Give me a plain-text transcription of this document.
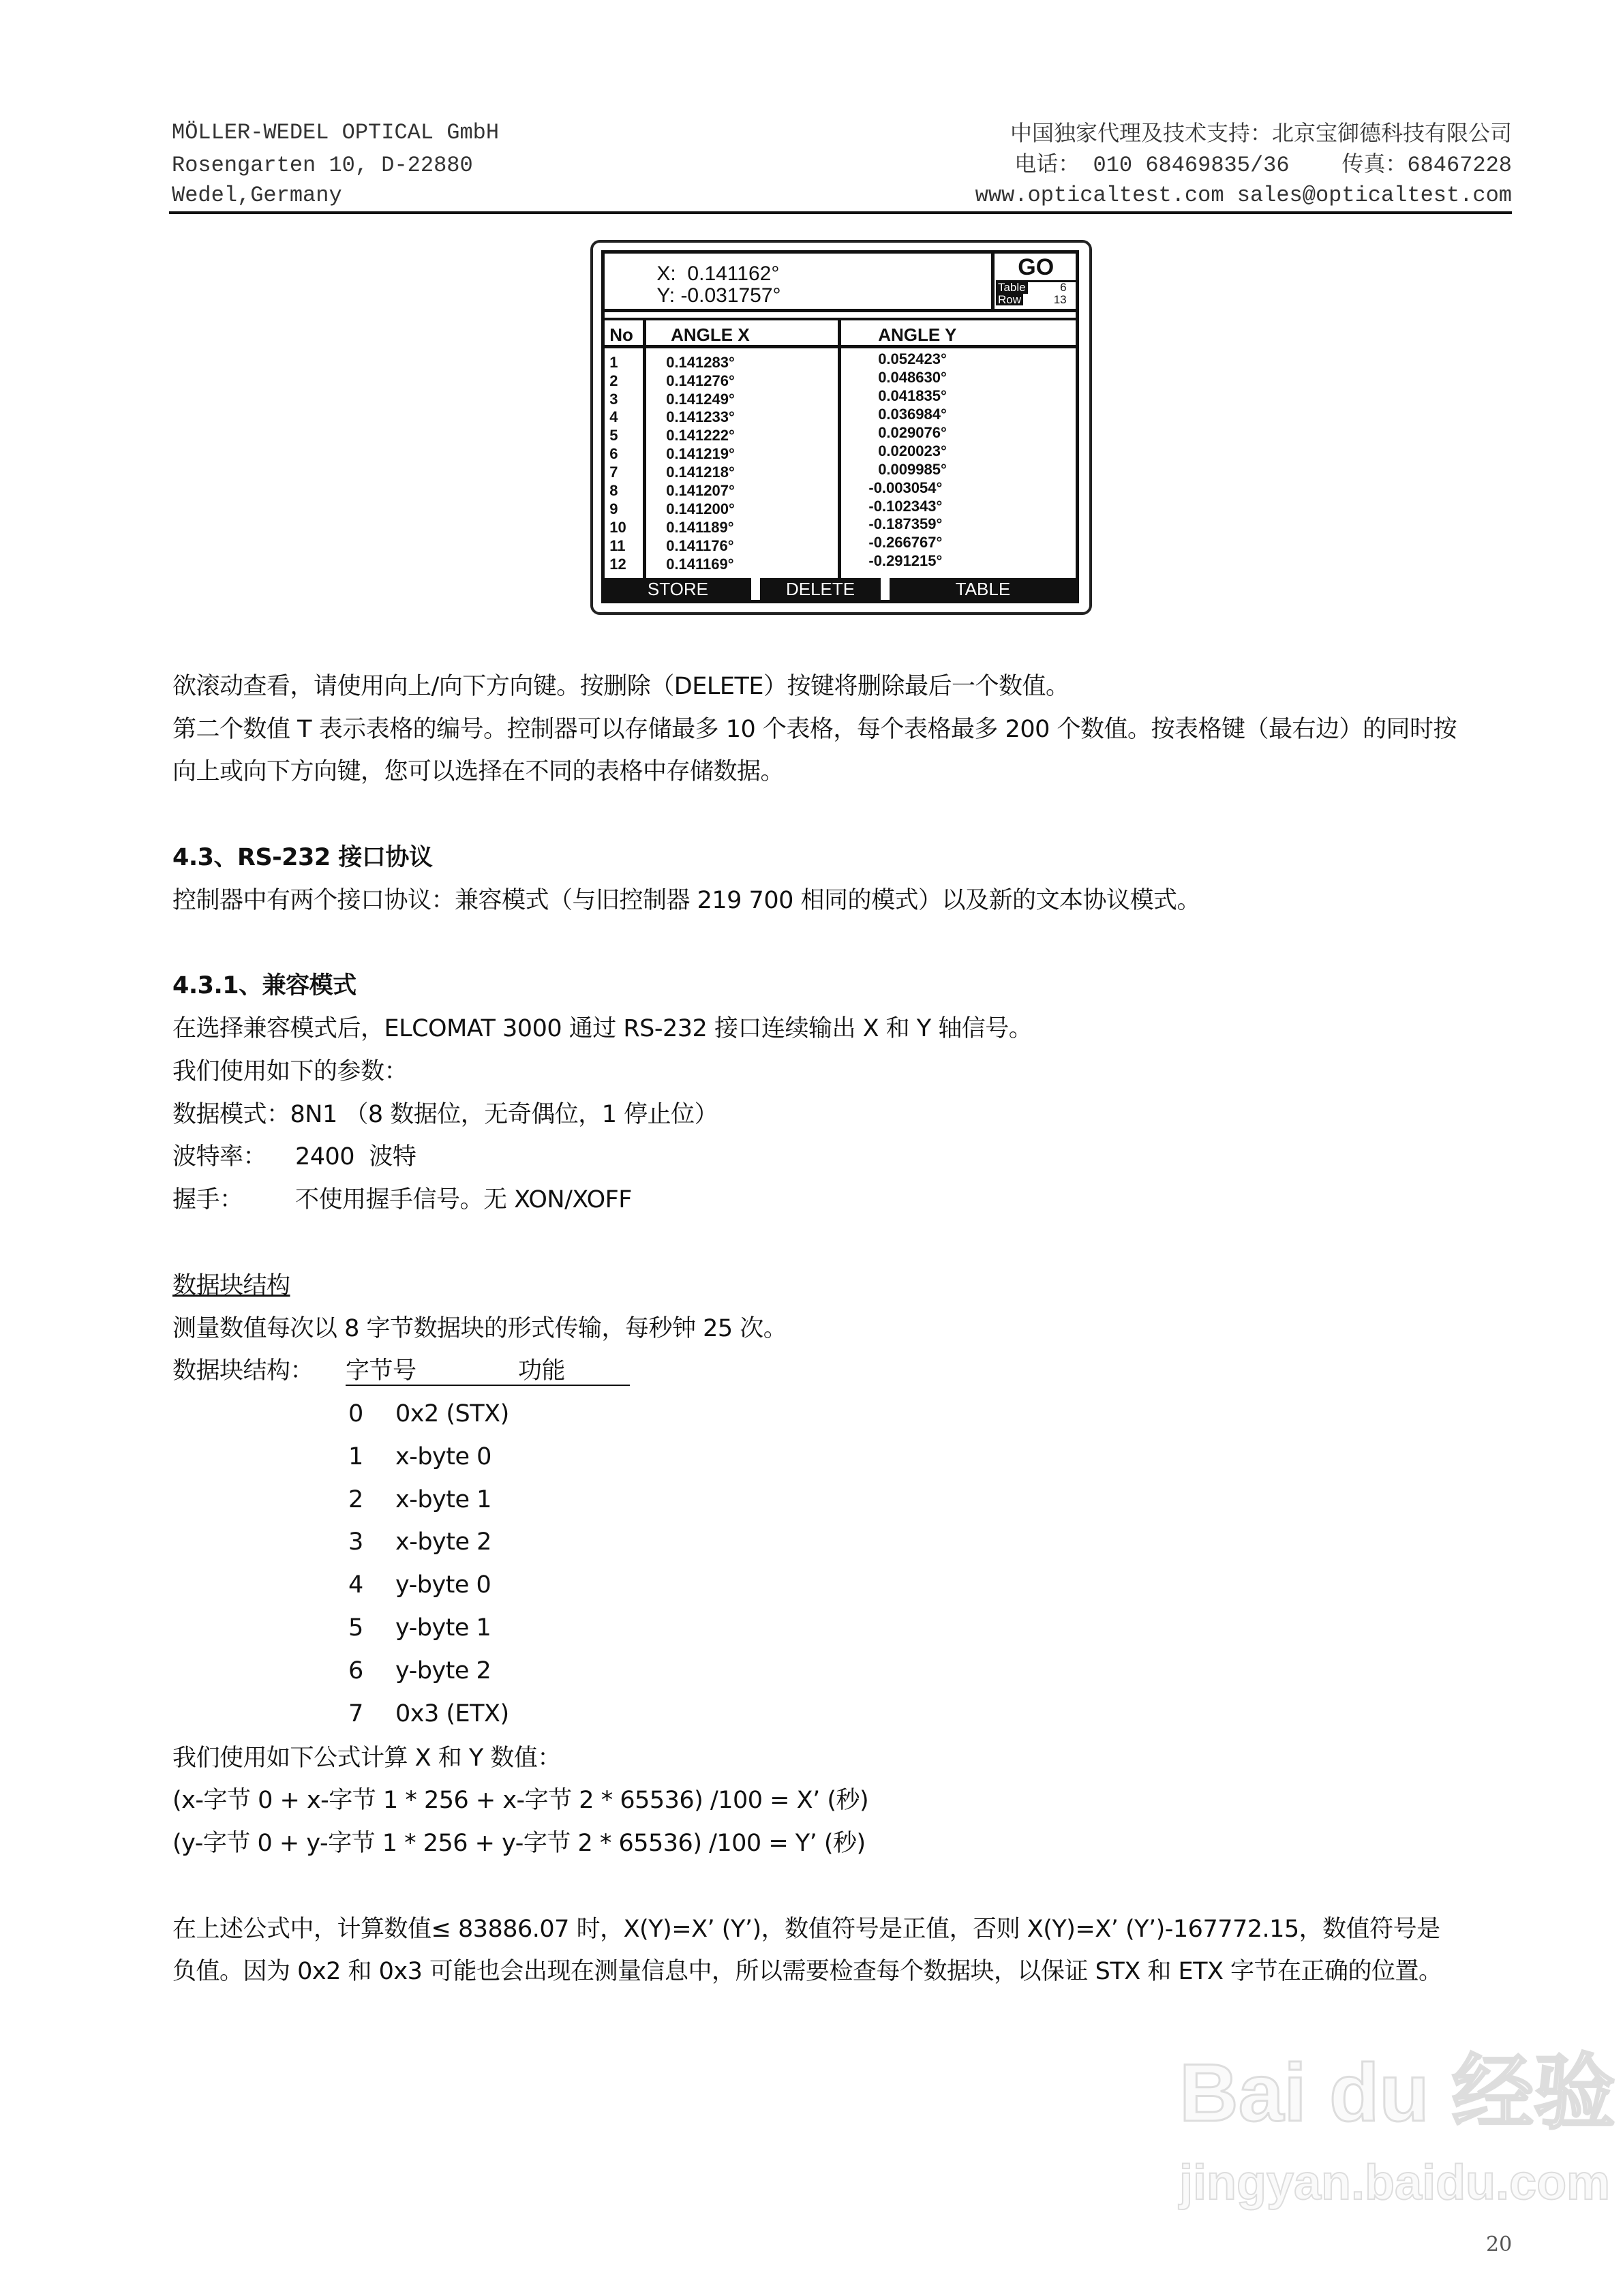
MÖLLER-WEDEL OPTICAL GmbH
Rosengarten 10, D-22880
Wedel,Germany
中国独家代理及技术支持：北京宝御德科技有限公司
电话： 010 68469835/36    传真：68467228
www.opticaltest.com sales@opticaltest.com
X: 0.141162°
Y: -0.031757°
GO
Table	6
Row	13
No ANGLE X	ANGLE Y
1	0.141283°	0.052423°
2	0.141276°	0.048630°
3	0.141249°	0.041835°
4	0.141233°	0.036984°
5	0.141222°	0.029076°
6	0.141219°	0.020023°
7	0.141218°	0.009985°
8	0.141207°	-0.003054°
9	0.141200°	-0.102343°
10	0.141189°	-0.187359°
11	0.141176°	-0.266767°
12	0.141169°	-0.291215°
STORE	DELETE	TABLE
欲滚动查看，请使用向上/向下方向键。按删除（DELETE）按键将删除最后一个数值。
第二个数值 T 表示表格的编号。控制器可以存储最多 10 个表格，每个表格最多 200 个数值。按表格键（最右边）的同时按
向上或向下方向键，您可以选择在不同的表格中存储数据。
4.3、RS-232 接口协议
控制器中有两个接口协议：兼容模式（与旧控制器 219 700 相同的模式）以及新的文本协议模式。
4.3.1、兼容模式
在选择兼容模式后，ELCOMAT 3000 通过 RS-232 接口连续输出 X 和 Y 轴信号。
我们使用如下的参数：
数据模式：8N1 （8 数据位，无奇偶位，1 停止位）
波特率： 2400  波特
握手： 不使用握手信号。无 XON/XOFF
数据块结构
测量数值每次以 8 字节数据块的形式传输，每秒钟 25 次。
数据块结构： 字节号	功能
0 0x2 (STX)
1 x-byte 0
2 x-byte 1
3 x-byte 2
4 y-byte 0
5 y-byte 1
6 y-byte 2
7 0x3 (ETX)
我们使用如下公式计算 X 和 Y 数值：
(x-字节 0 + x-字节 1 * 256 + x-字节 2 * 65536) /100 = X’ (秒)
(y-字节 0 + y-字节 1 * 256 + y-字节 2 * 65536) /100 = Y’ (秒)
在上述公式中，计算数值≤ 83886.07 时，X(Y)=X’ (Y’)，数值符号是正值，否则 X(Y)=X’ (Y’)-167772.15，数值符号是
负值。因为 0x2 和 0x3 可能也会出现在测量信息中，所以需要检查每个数据块，以保证 STX 和 ETX 字节在正确的位置。
Bai du 经验
jingyan.baidu.com
20
